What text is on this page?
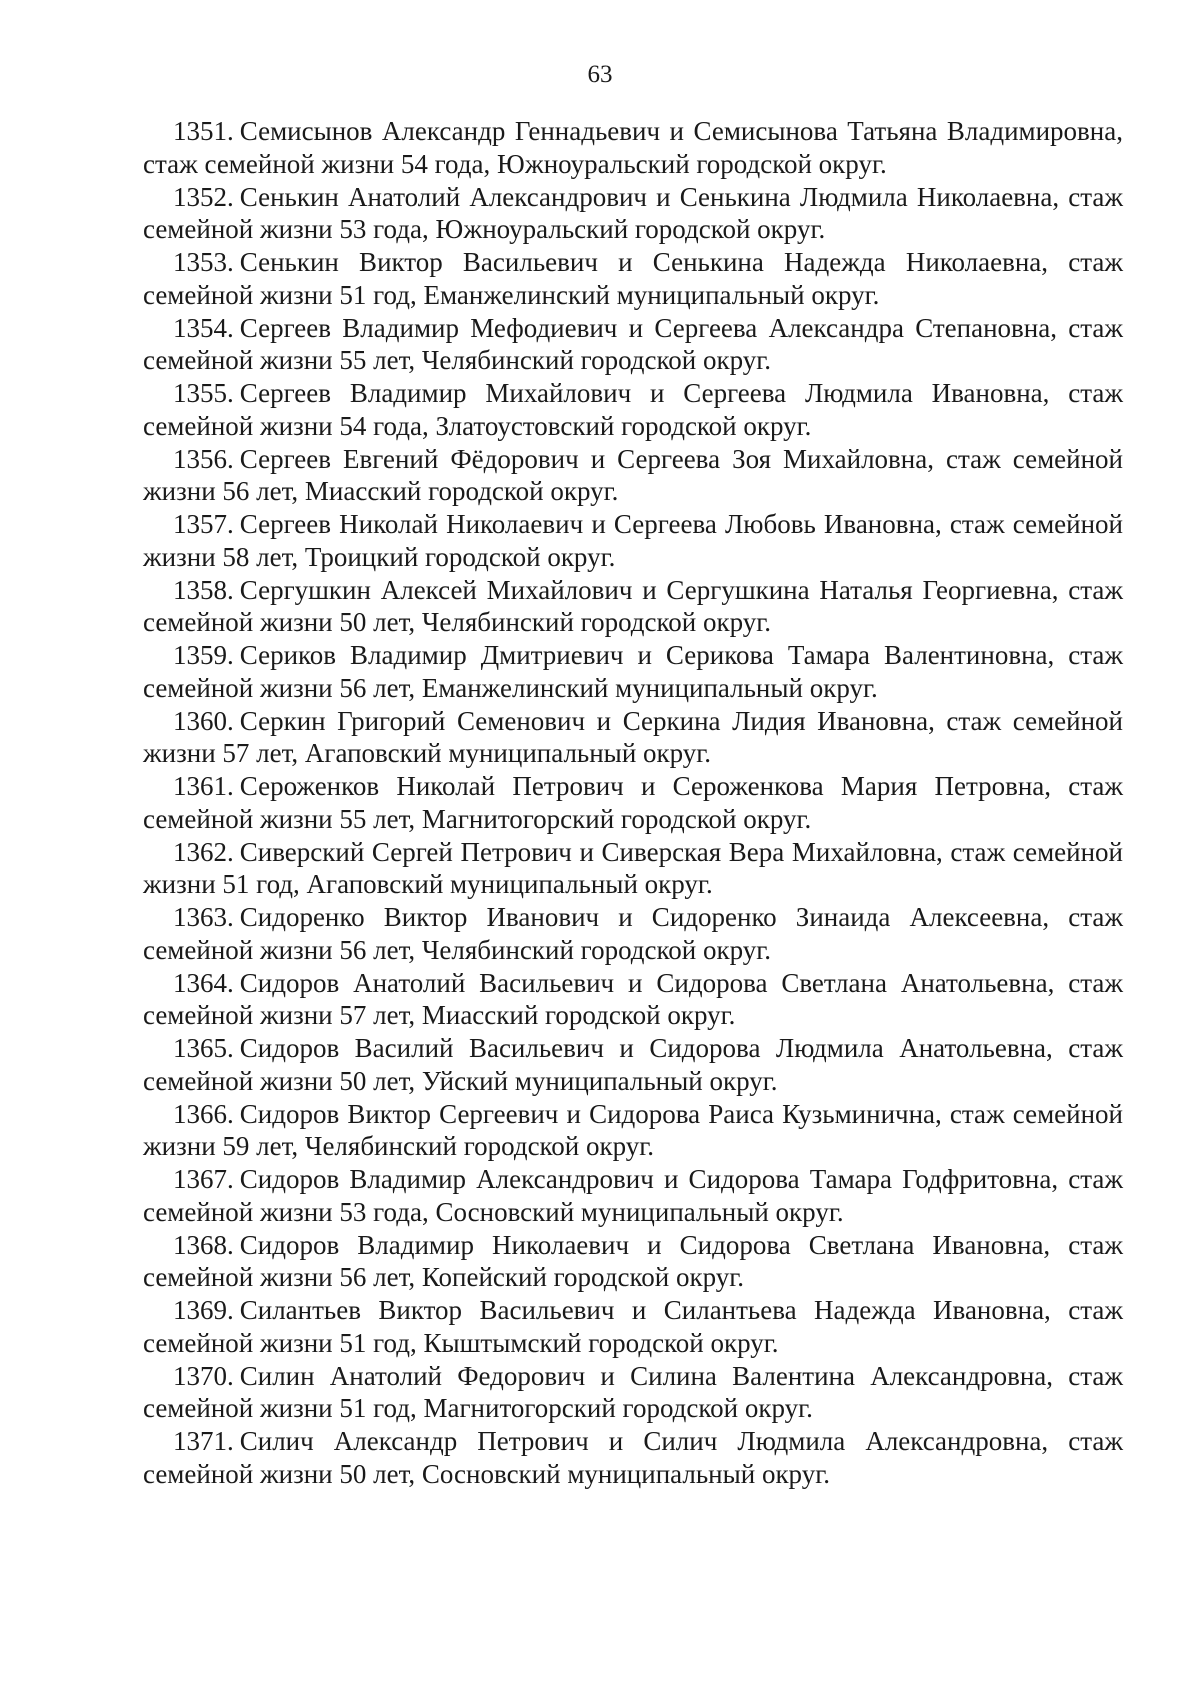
63

1351. Семисынов Александр Геннадьевич и Семисынова Татьяна Владимировна, стаж семейной жизни 54 года, Южноуральский городской округ.

1352. Сенькин Анатолий Александрович и Сенькина Людмила Николаевна, стаж семейной жизни 53 года, Южноуральский городской округ.

1353. Сенькин Виктор Васильевич и Сенькина Надежда Николаевна, стаж семейной жизни 51 год, Еманжелинский муниципальный округ.

1354. Сергеев Владимир Мефодиевич и Сергеева Александра Степановна, стаж семейной жизни 55 лет, Челябинский городской округ.

1355. Сергеев Владимир Михайлович и Сергеева Людмила Ивановна, стаж семейной жизни 54 года, Златоустовский городской округ.

1356. Сергеев Евгений Фёдорович и Сергеева Зоя Михайловна, стаж семейной жизни 56 лет, Миасский городской округ.

1357. Сергеев Николай Николаевич и Сергеева Любовь Ивановна, стаж семейной жизни 58 лет, Троицкий городской округ.

1358. Сергушкин Алексей Михайлович и Сергушкина Наталья Георгиевна, стаж семейной жизни 50 лет, Челябинский городской округ.

1359. Сериков Владимир Дмитриевич и Серикова Тамара Валентиновна, стаж семейной жизни 56 лет, Еманжелинский муниципальный округ.

1360. Серкин Григорий Семенович и Серкина Лидия Ивановна, стаж семейной жизни 57 лет, Агаповский муниципальный округ.

1361. Сероженков Николай Петрович и Сероженкова Мария Петровна, стаж семейной жизни 55 лет, Магнитогорский городской округ.

1362. Сиверский Сергей Петрович и Сиверская Вера Михайловна, стаж семейной жизни 51 год, Агаповский муниципальный округ.

1363. Сидоренко Виктор Иванович и Сидоренко Зинаида Алексеевна, стаж семейной жизни 56 лет, Челябинский городской округ.

1364. Сидоров Анатолий Васильевич и Сидорова Светлана Анатольевна, стаж семейной жизни 57 лет, Миасский городской округ.

1365. Сидоров Василий Васильевич и Сидорова Людмила Анатольевна, стаж семейной жизни 50 лет, Уйский муниципальный округ.

1366. Сидоров Виктор Сергеевич и Сидорова Раиса Кузьминична, стаж семейной жизни 59 лет, Челябинский городской округ.

1367. Сидоров Владимир Александрович и Сидорова Тамара Годфритовна, стаж семейной жизни 53 года, Сосновский муниципальный округ.

1368. Сидоров Владимир Николаевич и Сидорова Светлана Ивановна, стаж семейной жизни 56 лет, Копейский городской округ.

1369. Силантьев Виктор Васильевич и Силантьева Надежда Ивановна, стаж семейной жизни 51 год, Кыштымский городской округ.

1370. Силин Анатолий Федорович и Силина Валентина Александровна, стаж семейной жизни 51 год, Магнитогорский городской округ.

1371. Силич Александр Петрович и Силич Людмила Александровна, стаж семейной жизни 50 лет, Сосновский муниципальный округ.
